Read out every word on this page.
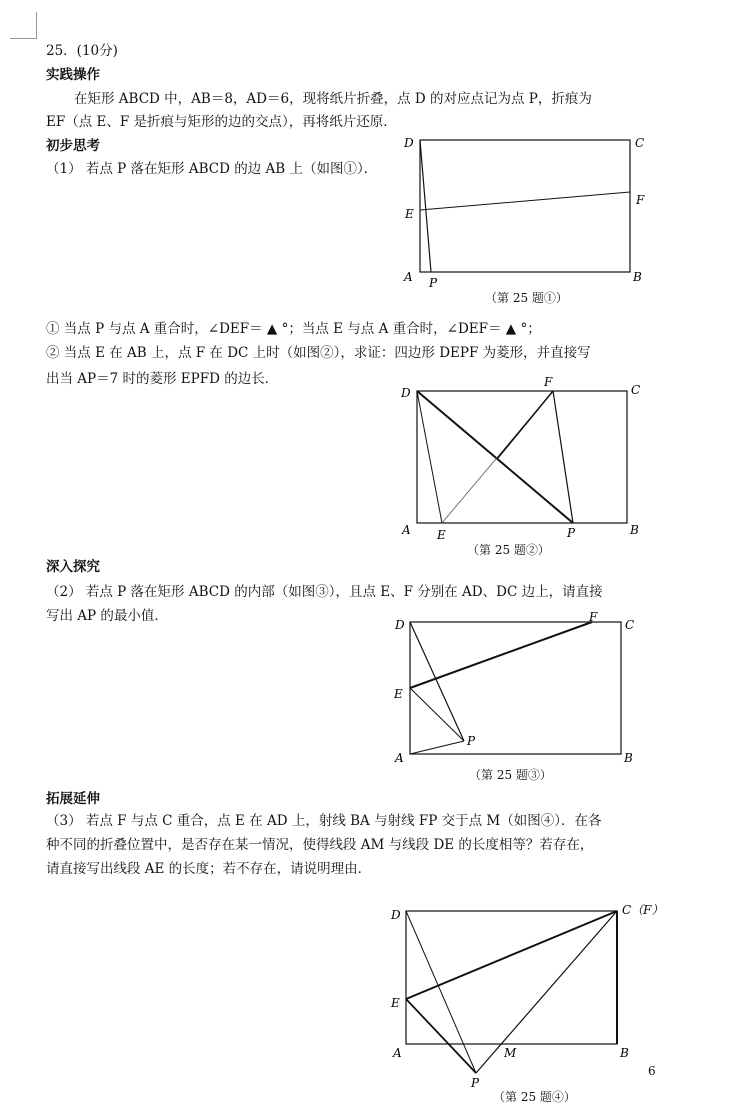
25．(10分)
实践操作
在矩形 ABCD 中，AB＝8，AD＝6，现将纸片折叠，点 D 的对应点记为点 P，折痕为
EF（点 E、F 是折痕与矩形的边的交点），再将纸片还原．
初步思考
（1） 若点 P 落在矩形 ABCD 的边 AB 上（如图①）．
D	C
E
F
A P	B
（第 25 题①）
① 当点 P 与点 A 重合时，∠DEF＝ ▲ °；当点 E 与点 A 重合时，∠DEF＝ ▲ °；
② 当点 E 在 AB 上，点 F 在 DC 上时（如图②），求证：四边形 DEPF 为菱形，并直接写
出当 AP＝7 时的菱形 EPFD 的边长．
D
F
C
A E	P	B
（第 25 题②）
深入探究
（2） 若点 P 落在矩形 ABCD 的内部（如图③），且点 E、F 分别在 AD、DC 边上，请直接
写出 AP 的最小值．
D
F
C
E
P
A	B
（第 25 题③）
拓展延伸
（3） 若点 F 与点 C 重合，点 E 在 AD 上，射线 BA 与射线 FP 交于点 M（如图④）．在各
种不同的折叠位置中，是否存在某一情况，使得线段 AM 与线段 DE 的长度相等？若存在，
请直接写出线段 AE 的长度；若不存在，请说明理由．
D	C（F）
E
A	M	B
P
（第 25 题④）
6
